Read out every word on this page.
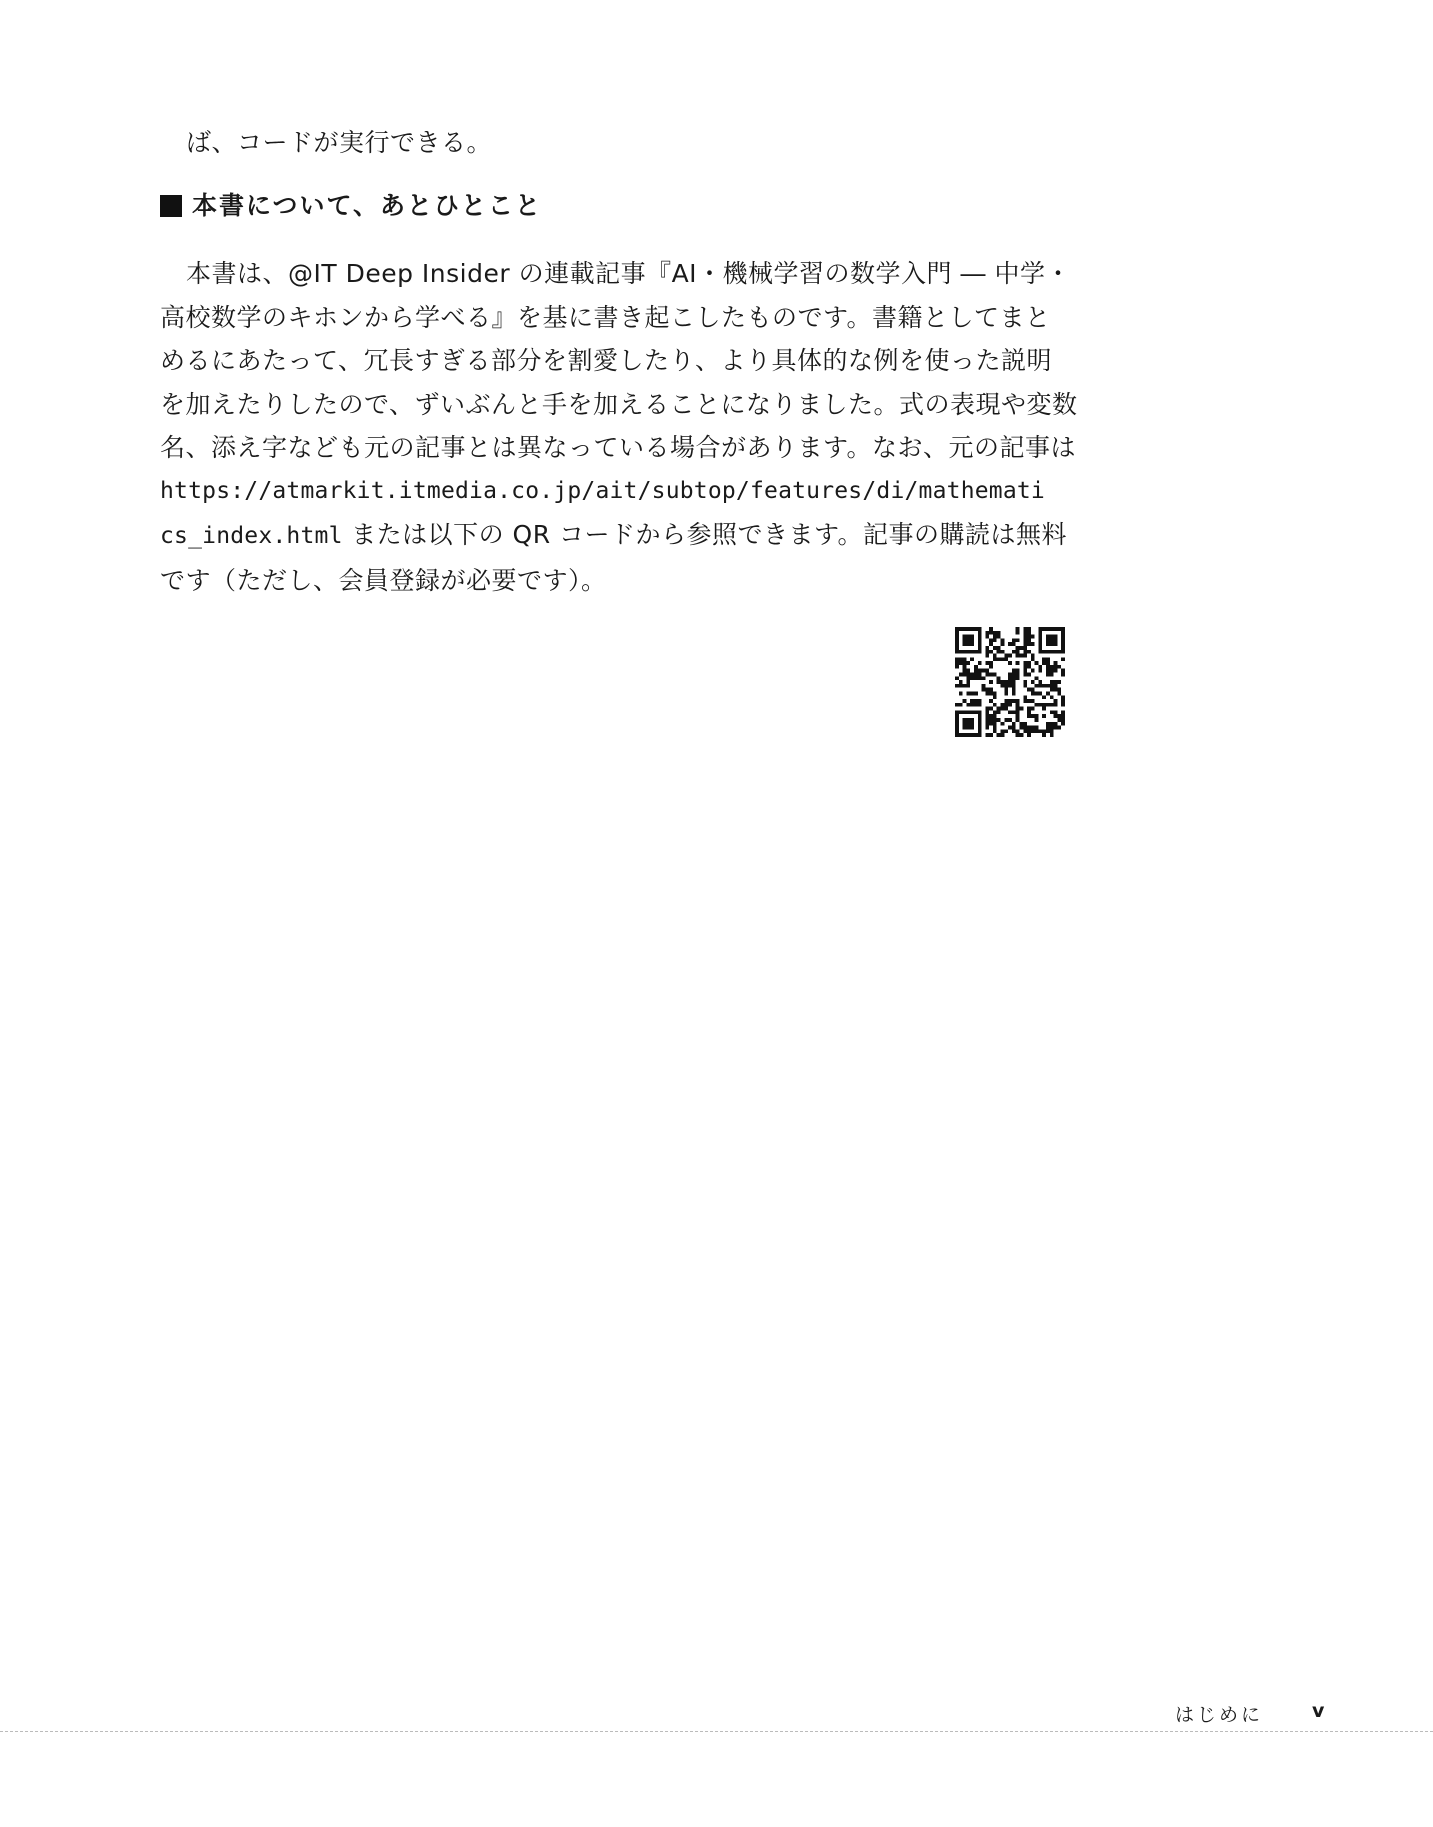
ば、コードが実行できる。
本書について、あとひとこと
本書は、@IT Deep Insider の連載記事『AI・機械学習の数学入門 ― 中学・
高校数学のキホンから学べる』を基に書き起こしたものです。書籍としてまと
めるにあたって、冗長すぎる部分を割愛したり、より具体的な例を使った説明
を加えたりしたので、ずいぶんと手を加えることになりました。式の表現や変数
名、添え字なども元の記事とは異なっている場合があります。なお、元の記事は
https://atmarkit.itmedia.co.jp/ait/subtop/features/di/mathemati
cs_index.html または以下の QR コードから参照できます。記事の購読は無料
です（ただし、会員登録が必要です）。
はじめに	v
